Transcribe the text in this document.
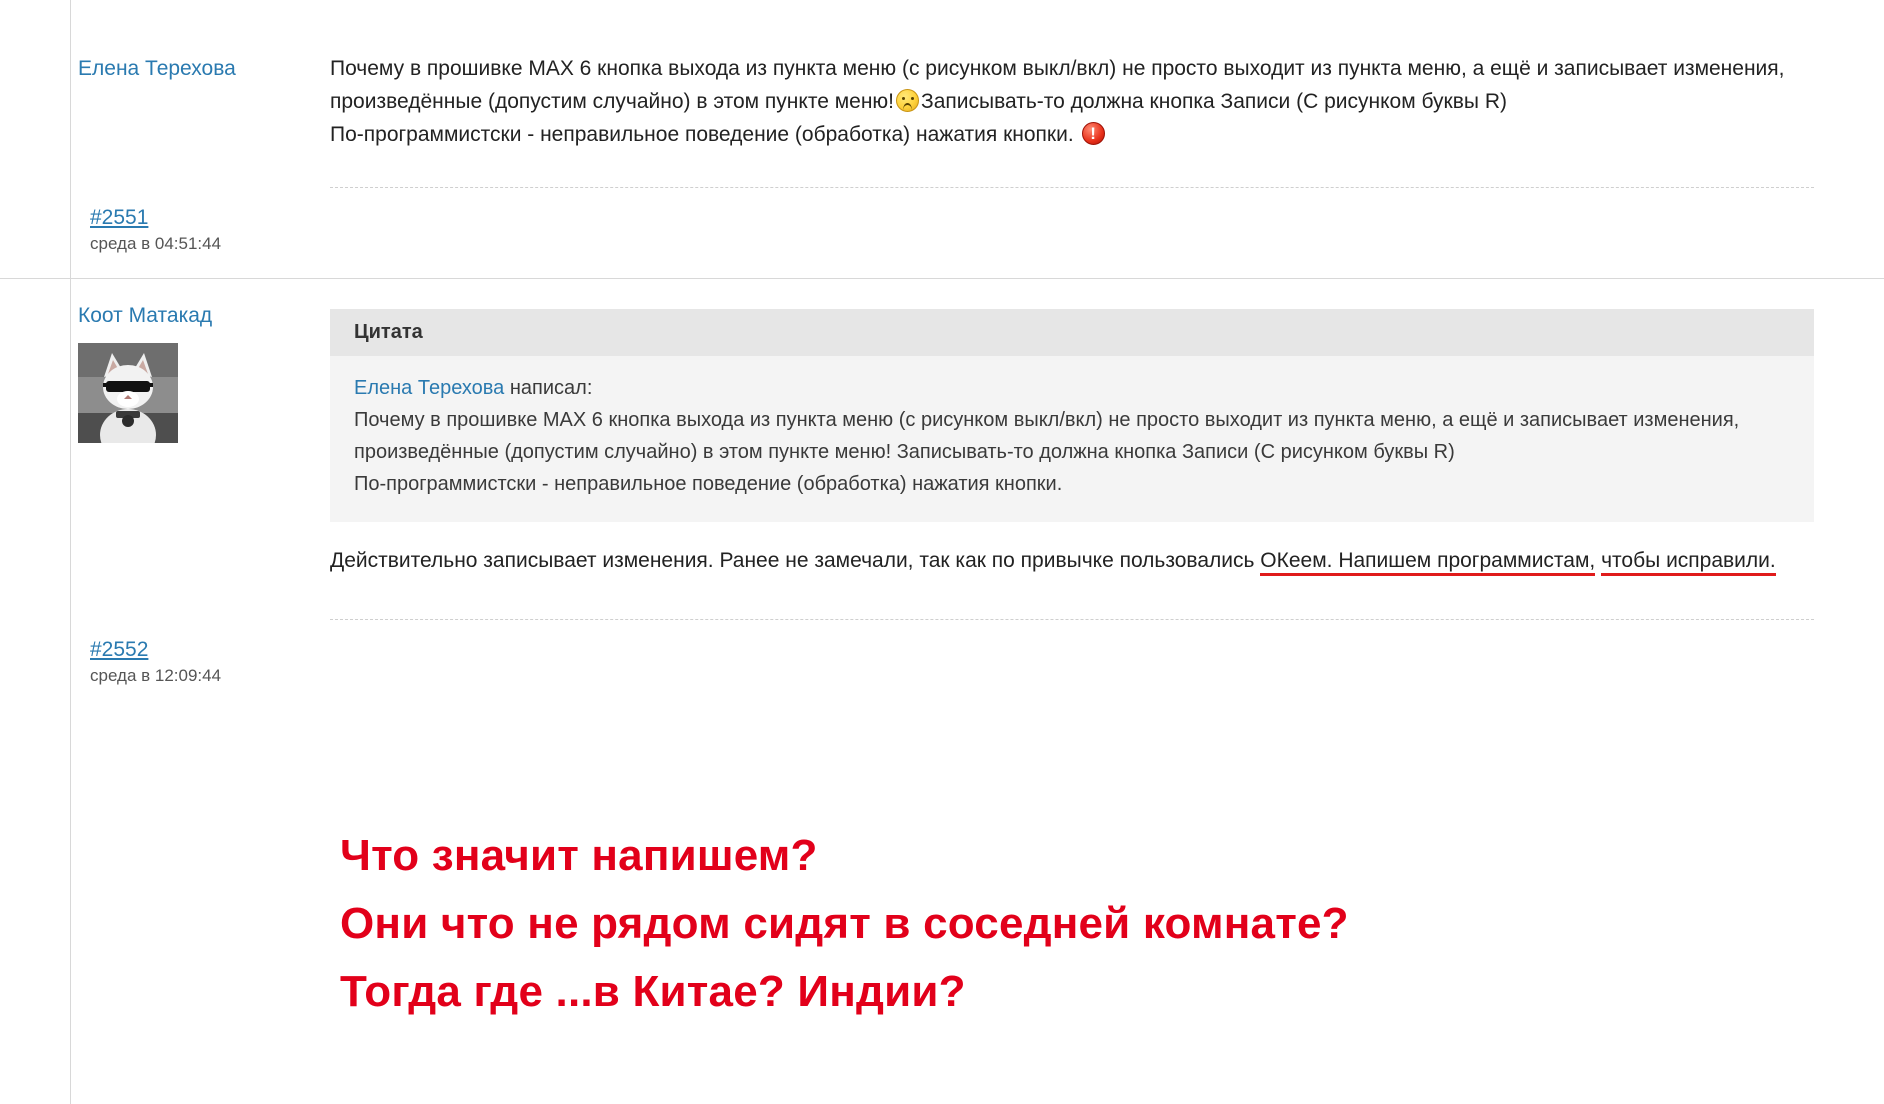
Елена Терехова	Почему в прошивке MAX 6 кнопка выхода из пункта меню (с рисунком выкл/вкл) не просто выходит из пункта меню, а ещё и записывает изменения, произведённые (допустим случайно) в этом пункте меню! Записывать-то должна кнопка Записи (С рисунком буквы R)

По-программистски - неправильное поведение (обработка) нажатия кнопки. !

#2551
среда в 04:51:44
Коот Матакад
Цитата

Елена Терехова написал:

Почему в прошивке MAX 6 кнопка выхода из пункта меню (с рисунком выкл/вкл) не просто выходит из пункта меню, а ещё и записывает изменения, произведённые (допустим случайно) в этом пункте меню! Записывать-то должна кнопка Записи (С рисунком буквы R)

По-программистски - неправильное поведение (обработка) нажатия кнопки.

Действительно записывает изменения. Ранее не замечали, так как по привычке пользовались ОКеем. Напишем программистам, чтобы исправили.
#2552
среда в 12:09:44
Что значит напишем?
Они что не рядом сидят в соседней комнате?
Тогда где ...в Китае? Индии?
